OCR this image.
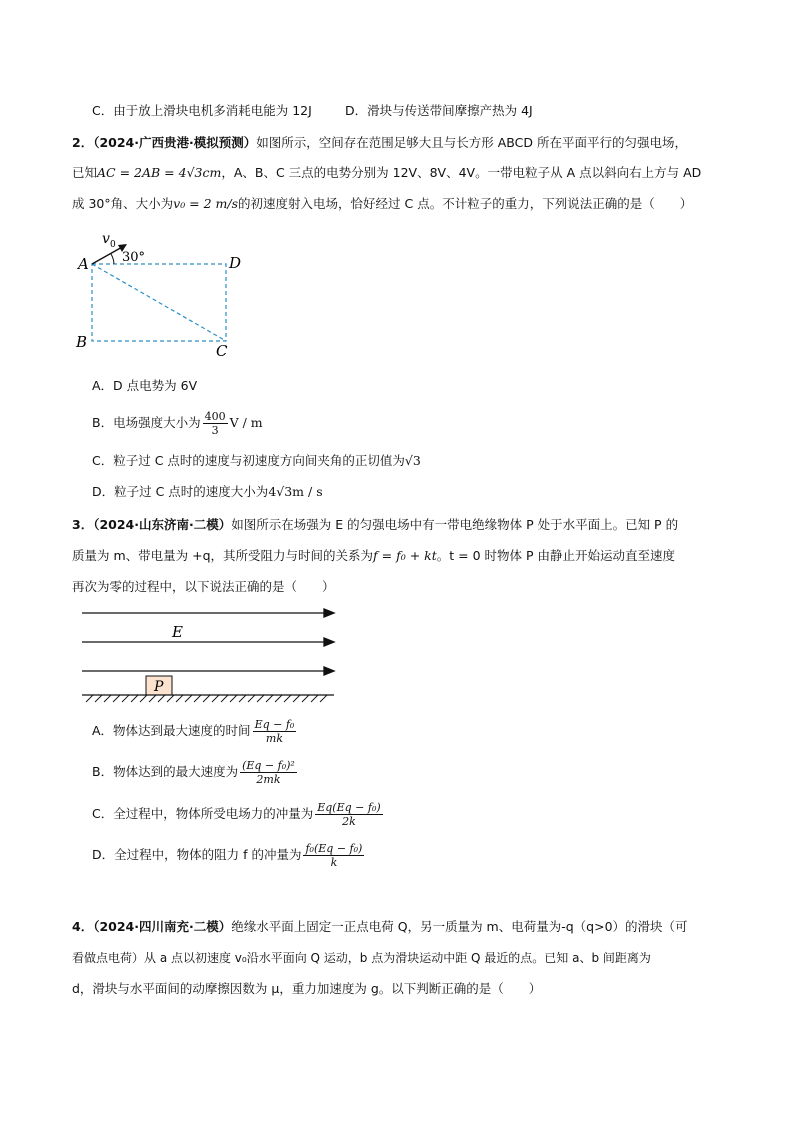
C．由于放上滑块电机多消耗电能为 12J	D．滑块与传送带间摩擦产热为 4J
2．（2024·广西贵港·模拟预测）如图所示，空间存在范围足够大且与长方形 ABCD 所在平面平行的匀强电场，
已知AC = 2AB = 4√3cm，A、B、C 三点的电势分别为 12V、8V、4V。一带电粒子从 A 点以斜向右上方与 AD
成 30°角、大小为v₀ = 2 m/s的初速度射入电场，恰好经过 C 点。不计粒子的重力，下列说法正确的是（　　）
A
B	C
D
v 0
30°
A．D 点电势为 6V
B．电场强度大小为 $\frac{400}{3}$ V / m
C．粒子过 C 点时的速度与初速度方向间夹角的正切值为√3
D．粒子过 C 点时的速度大小为4√3m / s
3．（2024·山东济南·二模）如图所示在场强为 E 的匀强电场中有一带电绝缘物体 P 处于水平面上。已知 P 的
质量为 m、带电量为 +q，其所受阻力与时间的关系为f = f₀ + kt。t = 0 时物体 P 由静止开始运动直至速度
再次为零的过程中，以下说法正确的是（　　）
E
P
A．物体达到最大速度的时间 $\frac{\text{Eq − f₀}}{mk}$
B．物体达到的最大速度为 $\frac{\text{(Eq − f₀)²}}{2mk}$
C．全过程中，物体所受电场力的冲量为 $\frac{\text{Eq(Eq − f₀)}}{2k}$
D．全过程中，物体的阻力 f 的冲量为 $\frac{\text{f₀(Eq − f₀)}}{k}$
4．（2024·四川南充·二模）绝缘水平面上固定一正点电荷 Q，另一质量为 m、电荷量为-q（q>0）的滑块（可
看做点电荷）从 a 点以初速度 v₀沿水平面向 Q 运动，b 点为滑块运动中距 Q 最近的点。已知 a、b 间距离为
d，滑块与水平面间的动摩擦因数为 μ，重力加速度为 g。以下判断正确的是（　　）
